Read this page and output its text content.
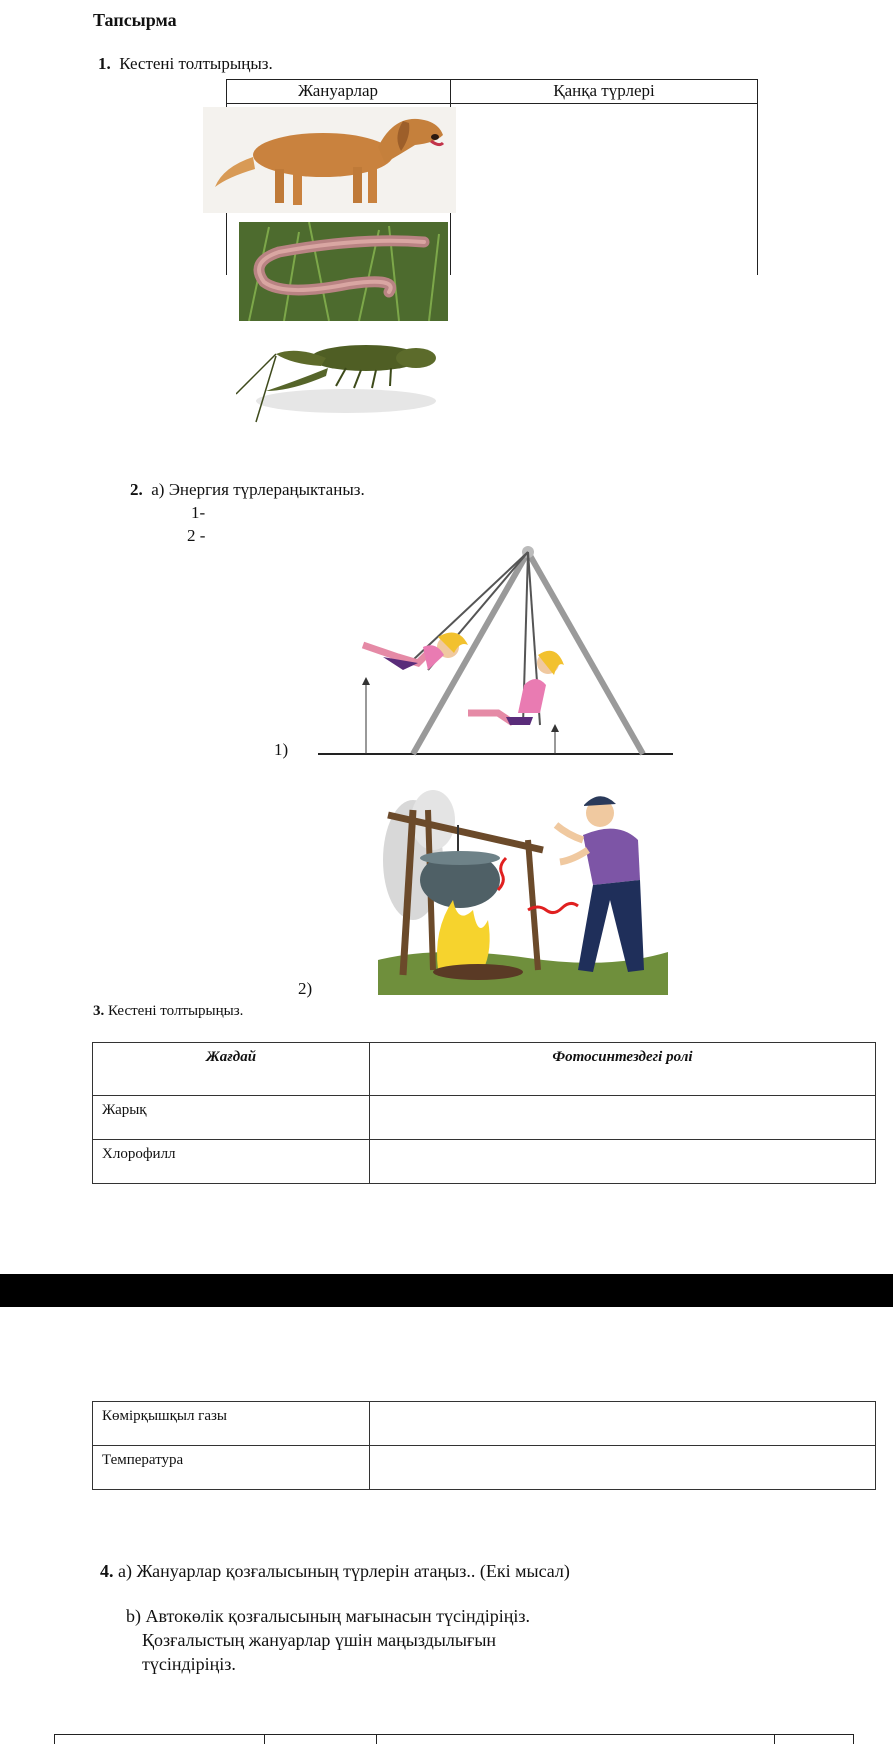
Тапсырма
1. Кестені толтырыңыз.
Жануарлар	Қанқа түрлері
2. а) Энергия түрлераңыктаныз.
1-
2 -
1)
2)
3. Кестені толтырыңыз.
Жағдай	Фотосинтездегі ролі
Жарық	
Хлорофилл	
Көмірқышқыл газы	
Температура	
4. а) Жануарлар қозғалысының түрлерін атаңыз.. (Екі мысал)
b) Автокөлік қозғалысының мағынасын түсіндіріңіз.
Қозғалыстың жануарлар үшін маңыздылығын
түсіндіріңіз.
